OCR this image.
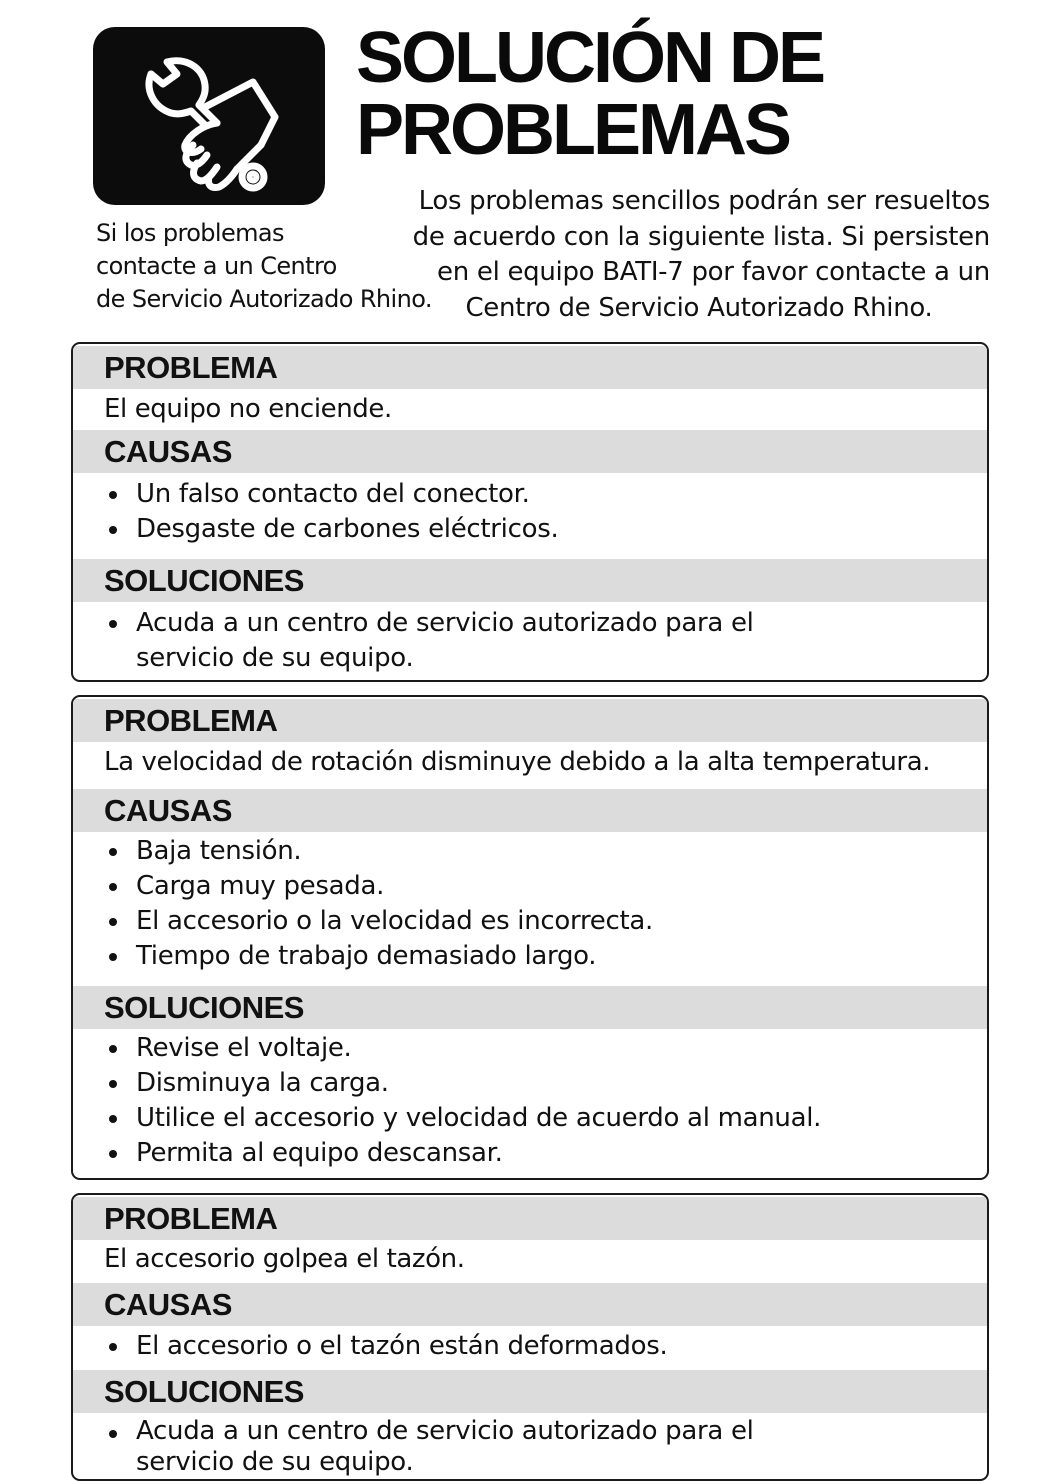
SOLUCIÓN DE
PROBLEMAS
Si los problemas
contacte a un Centro
de Servicio Autorizado Rhino.
Los problemas sencillos podrán ser resueltos
de acuerdo con la siguiente lista. Si persisten
en el equipo BATI-7 por favor contacte a un
Centro de Servicio Autorizado Rhino.
PROBLEMA
El equipo no enciende.
CAUSAS
Un falso contacto del conector.
Desgaste de carbones eléctricos.
SOLUCIONES
Acuda a un centro de servicio autorizado para el
servicio de su equipo.
PROBLEMA
La velocidad de rotación disminuye debido a la alta temperatura.
CAUSAS
Baja tensión.
Carga muy pesada.
El accesorio o la velocidad es incorrecta.
Tiempo de trabajo demasiado largo.
SOLUCIONES
Revise el voltaje.
Disminuya la carga.
Utilice el accesorio y velocidad de acuerdo al manual.
Permita al equipo descansar.
PROBLEMA
El accesorio golpea el tazón.
CAUSAS
El accesorio o el tazón están deformados.
SOLUCIONES
Acuda a un centro de servicio autorizado para el
servicio de su equipo.
